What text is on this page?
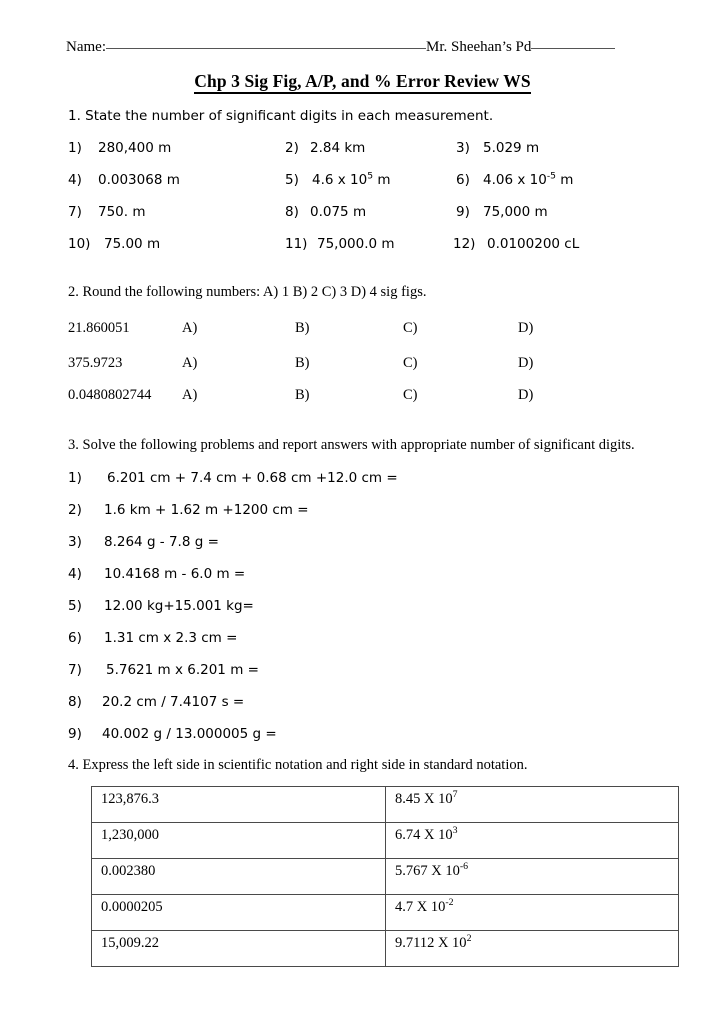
Name:	Mr. Sheehan’s Pd
Chp 3 Sig Fig, A/P, and % Error Review WS
1. State the number of significant digits in each measurement.
1) 280,400 m	2) 2.84 km	3) 5.029 m
4) 0.003068 m	5) 4.6 x $10^5$ m	6) 4.06 x $10^{-5}$ m
7) 750. m	8) 0.075 m	9) 75,000 m
10) 75.00 m	11) 75,000.0 m	12) 0.0100200 cL
2. Round the following numbers: A) 1 B) 2 C) 3 D) 4 sig figs.
21.860051	A)	B)	C)	D)
375.9723	A)	B)	C)	D)
0.0480802744 A)	B)	C)	D)
3. Solve the following problems and report answers with appropriate number of significant digits.
1) 6.201 cm + 7.4 cm + 0.68 cm +12.0 cm =
2) 1.6 km + 1.62 m +1200 cm =
3) 8.264 g - 7.8 g =
4) 10.4168 m - 6.0 m =
5) 12.00 kg+15.001 kg=
6) 1.31 cm x 2.3 cm =
7) 5.7621 m x 6.201 m =
8) 20.2 cm / 7.4107 s =
9) 40.002 g / 13.000005 g =
4. Express the left side in scientific notation and right side in standard notation.
123,876.3	8.45 X $10^7$
1,230,000	6.74 X $10^3$
0.002380	5.767 X $10^{-6}$
0.0000205	4.7 X $10^{-2}$
15,009.22	9.7112 X $10^2$
